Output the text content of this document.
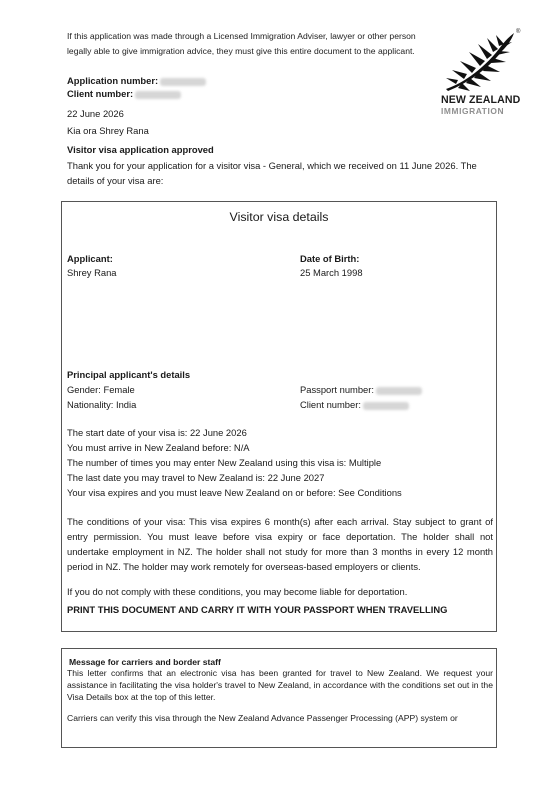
If this application was made through a Licensed Immigration Adviser, lawyer or other person legally able to give immigration advice, they must give this entire document to the applicant.
®
NEW ZEALAND
IMMIGRATION
Application number:
Client number:
22 June 2026
Kia ora Shrey Rana
Visitor visa application approved
Thank you for your application for a visitor visa - General, which we received on 11 June 2026. The details of your visa are:
Visitor visa details
Applicant:
Shrey Rana
Date of Birth:
25 March 1998
Principal applicant's details
Gender: Female
Nationality: India
Passport number:
Client number:
The start date of your visa is: 22 June 2026
You must arrive in New Zealand before: N/A
The number of times you may enter New Zealand using this visa is: Multiple
The last date you may travel to New Zealand is: 22 June 2027
Your visa expires and you must leave New Zealand on or before: See Conditions
The conditions of your visa: This visa expires 6 month(s) after each arrival. Stay subject to grant of entry permission. You must leave before visa expiry or face deportation. The holder shall not undertake employment in NZ. The holder shall not study for more than 3 months in every 12 month period in NZ. The holder may work remotely for overseas-based employers or clients.
If you do not comply with these conditions, you may become liable for deportation.
PRINT THIS DOCUMENT AND CARRY IT WITH YOUR PASSPORT WHEN TRAVELLING
Message for carriers and border staff
This letter confirms that an electronic visa has been granted for travel to New Zealand. We request your assistance in facilitating the visa holder's travel to New Zealand, in accordance with the conditions set out in the Visa Details box at the top of this letter.
Carriers can verify this visa through the New Zealand Advance Passenger Processing (APP) system or
